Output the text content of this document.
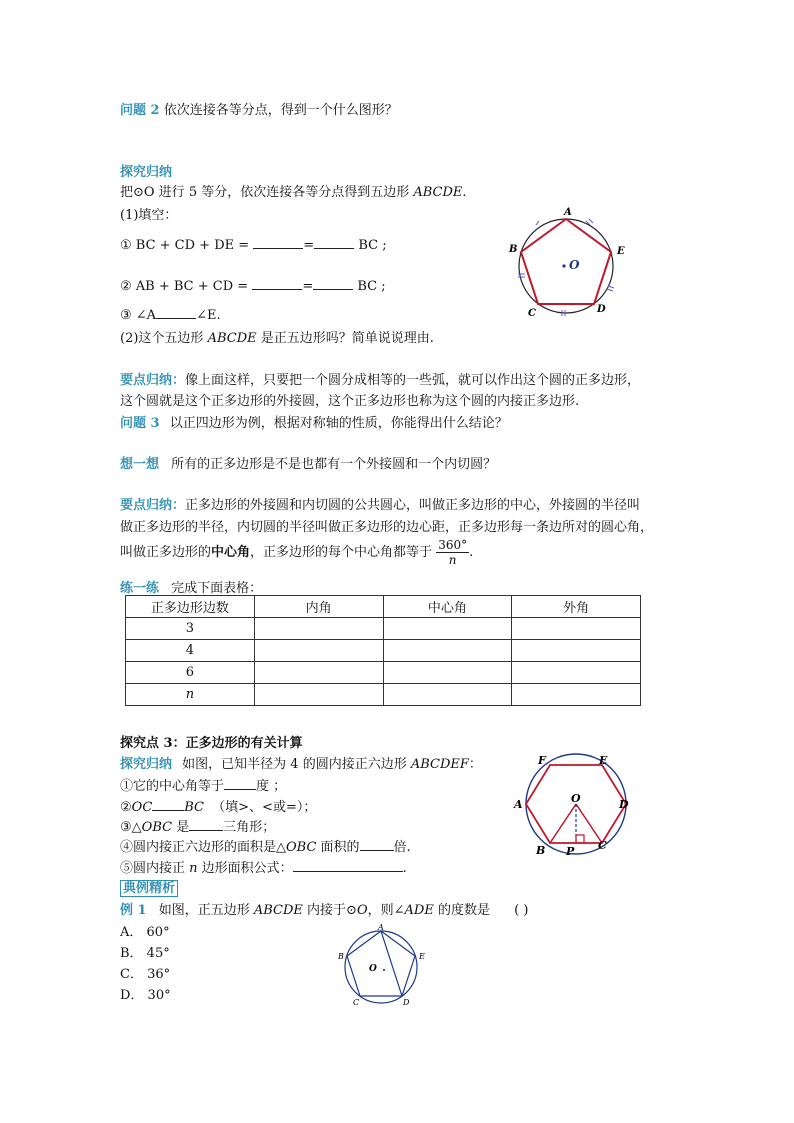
问题 2 依次连接各等分点，得到一个什么图形？
探究归纳
把⊙O 进行 5 等分，依次连接各等分点得到五边形 ABCDE.
(1)填空：
① BC + CD + DE =	=	BC ;
② AB + BC + CD =	=	BC ;
③ ∠A	∠E.
(2)这个五边形 ABCDE 是正五边形吗？简单说说理由.
A
B
C	D
E
O
要点归纳：像上面这样，只要把一个圆分成相等的一些弧，就可以作出这个圆的正多边形，
这个圆就是这个正多边形的外接圆，这个正多边形也称为这个圆的内接正多边形.
问题 3 以正四边形为例，根据对称轴的性质，你能得出什么结论？
想一想 所有的正多边形是不是也都有一个外接圆和一个内切圆？
要点归纳：正多边形的外接圆和内切圆的公共圆心，叫做正多边形的中心，外接圆的半径叫
做正多边形的半径，内切圆的半径叫做正多边形的边心距，正多边形每一条边所对的圆心角，
叫做正多边形的中心角，正多边形的每个中心角都等于 $\frac{360^\circ}{n}$ .
练一练 完成下面表格：
正多边形边数	内角	中心角	外角
3			
4			
6			
n			
探究点 3：正多边形的有关计算
探究归纳 如图，已知半径为 4 的圆内接正六边形 ABCDEF：
①它的中心角等于 度 ；
②OC BC （填>、<或=）；
③△OBC 是	三角形；
④圆内接正六边形的面积是△OBC 面积的	倍.
⑤圆内接正 n 边形面积公式：	.
F	E
A	O	D
B P C
典例精析
例 1 如图，正五边形 ABCDE 内接于⊙O，则∠ADE 的度数是 ( )
A． 60°
B． 45°
C． 36°
D． 30°
A
B	E
C	D
O
